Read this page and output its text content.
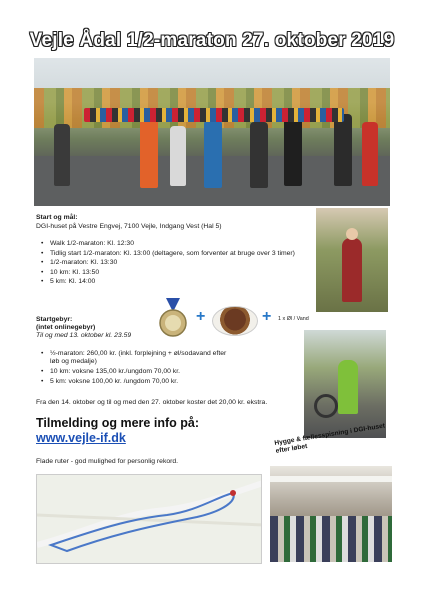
Vejle Ådal 1/2-maraton 27. oktober 2019
Start og mål:
DGI-huset på Vestre Engvej, 7100 Vejle, Indgang Vest (Hal 5)
• Walk 1/2-maraton: Kl. 12:30
• Tidlig start 1/2-maraton: Kl. 13:00 (deltagere, som forventer at bruge over 3 timer)
• 1/2-maraton: Kl. 13:30
• 10 km: Kl. 13:50
• 5 km: Kl. 14:00
Startgebyr:
(intet onlinegebyr)
Til og med 13. oktober kl. 23.59
+	+ 1 x Øl / Vand
• ½-maraton: 260,00 kr. (inkl. forplejning + øl/sodavand efter løb og medalje)
• 10 km: voksne 135,00 kr./ungdom 70,00 kr.
• 5 km: voksne 100,00 kr. /ungdom 70,00 kr.
Fra den 14. oktober og til og med den 27. oktober koster det 20,00 kr. ekstra.
Tilmelding og mere info på:
www.vejle-if.dk	Hygge & fællesspisning i DGI-huset efter løbet
Flade ruter - god mulighed for personlig rekord.
